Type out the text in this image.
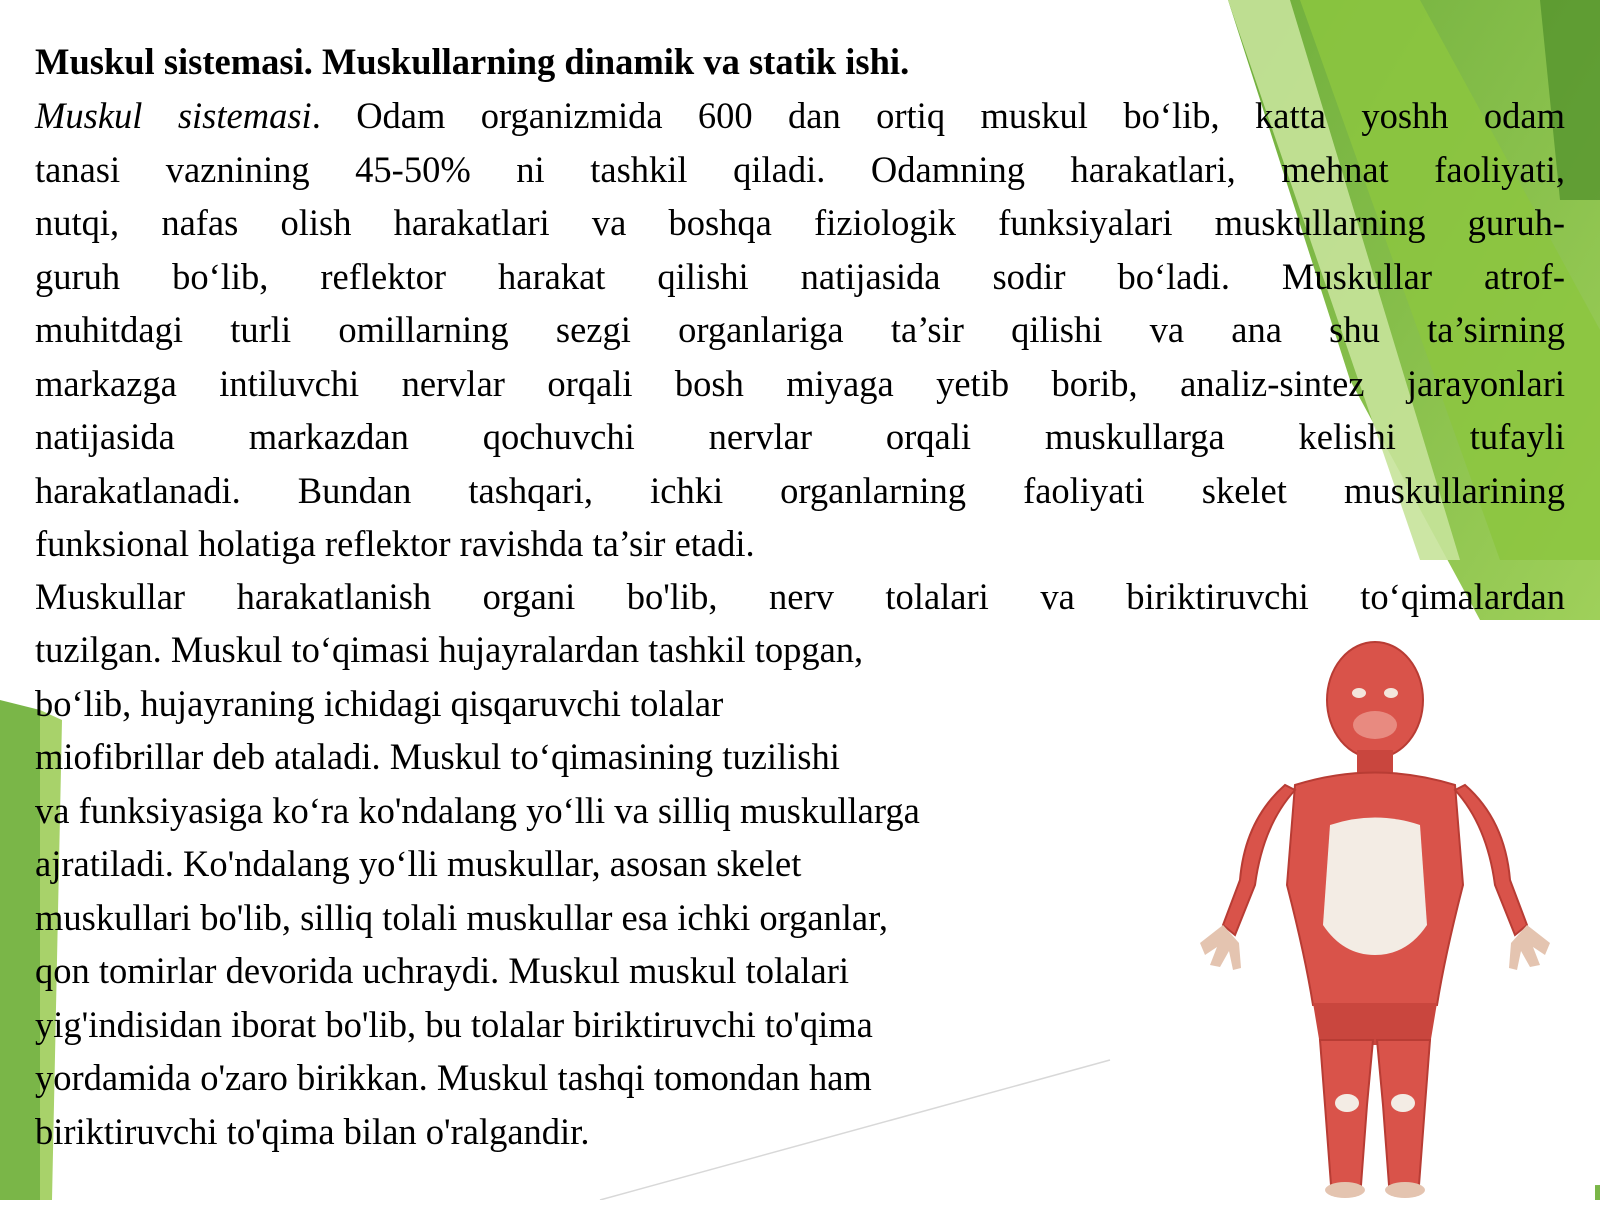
Muskul sistemasi. Muskullarning dinamik va statik ishi.
Muskul sistemasi. Odam organizmida 600 dan ortiq muskul bo‘lib, katta yoshh odam
tanasi vaznining 45-50% ni tashkil qiladi. Odamning harakatlari, mehnat faoliyati,
nutqi, nafas olish harakatlari va boshqa fiziologik funksiyalari muskullarning guruh-
guruh bo‘lib, reflektor harakat qilishi natijasida sodir bo‘ladi. Muskullar atrof-
muhitdagi turli omillarning sezgi organlariga ta’sir qilishi va ana shu ta’sirning
markazga intiluvchi nervlar orqali bosh miyaga yetib borib, analiz-sintez jarayonlari
natijasida markazdan qochuvchi nervlar orqali muskullarga kelishi tufayli
harakatlanadi. Bundan tashqari, ichki organlarning faoliyati skelet muskullarining
funksional holatiga reflektor ravishda ta’sir etadi.
Muskullar harakatlanish organi bo'lib, nerv tolalari va biriktiruvchi to‘qimalardan
tuzilgan. Muskul to‘qimasi hujayralardan tashkil topgan,
bo‘lib, hujayraning ichidagi qisqaruvchi tolalar
miofibrillar deb ataladi. Muskul to‘qimasining tuzilishi
va funksiyasiga ko‘ra ko'ndalang yo‘lli va silliq muskullarga
ajratiladi. Ko'ndalang yo‘lli muskullar, asosan skelet
muskullari bo'lib, silliq tolali muskullar esa ichki organlar,
qon tomirlar devorida uchraydi. Muskul muskul tolalari
yig'indisidan iborat bo'lib, bu tolalar biriktiruvchi to'qima
yordamida o'zaro birikkan. Muskul tashqi tomondan ham
biriktiruvchi to'qima bilan o'ralgandir.
